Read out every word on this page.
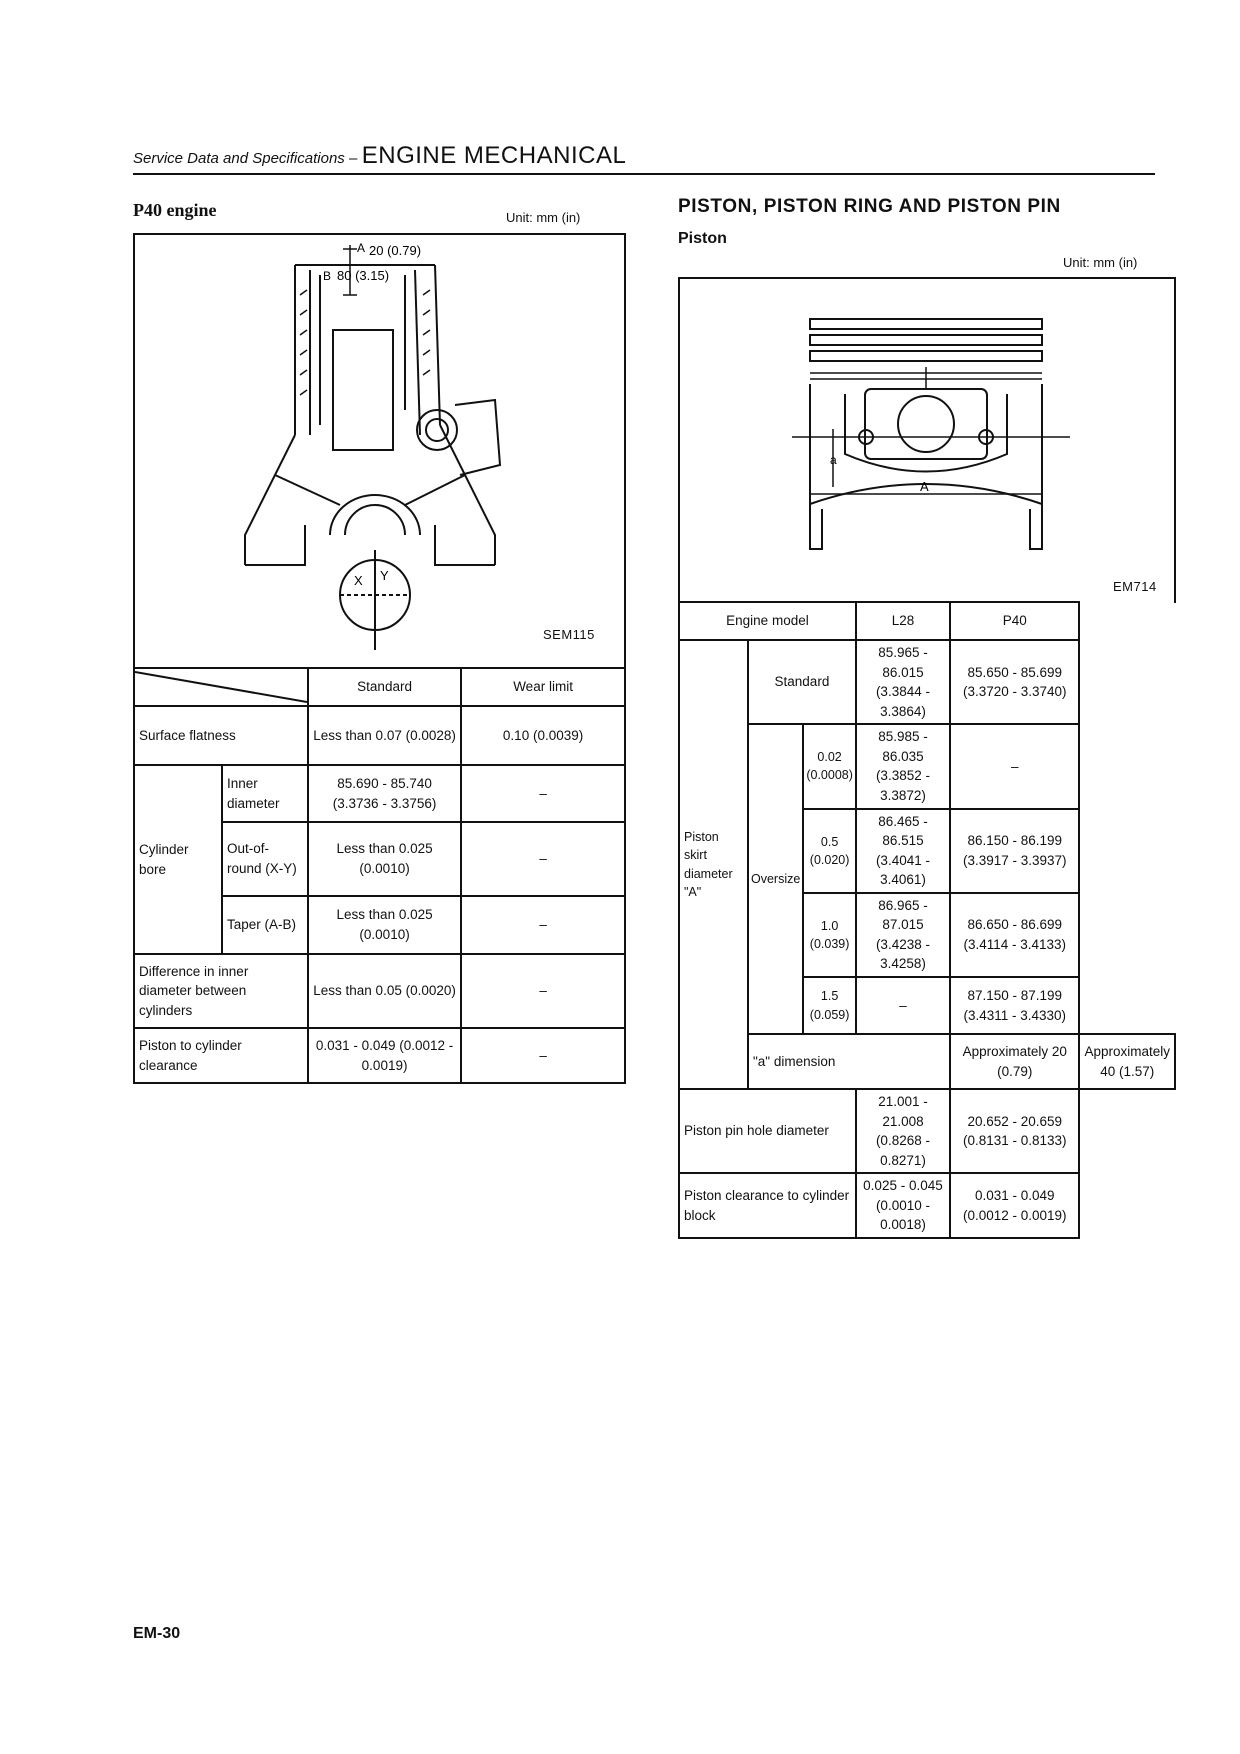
Service Data and Specifications – ENGINE MECHANICAL
P40 engine	Unit: mm (in)
A 20 (0.79)
B 80 (3.15)
X Y
SEM115
	Standard	Wear limit
Surface flatness		Less than 0.07 (0.0028)	0.10 (0.0039)
Cylinder bore	Inner diameter	85.690 - 85.740 (3.3736 - 3.3756)	–
	Out-of-round (X-Y)	Less than 0.025 (0.0010)	–
	Taper (A-B)	Less than 0.025 (0.0010)	–
Difference in inner diameter between cylinders		Less than 0.05 (0.0020)	–
Piston to cylinder clearance		0.031 - 0.049 (0.0012 - 0.0019)	–
PISTON, PISTON RING AND PISTON PIN
Piston
Unit: mm (in)
a
A
EM714
Engine model			L28	P40	
Piston skirt diameter "A"	Standard		85.965 - 86.015 (3.3844 - 3.3864)	85.650 - 85.699 (3.3720 - 3.3740)	
	Oversize	0.02 (0.0008)	85.985 - 86.035 (3.3852 - 3.3872)	–	
		0.5 (0.020)	86.465 - 86.515 (3.4041 - 3.4061)	86.150 - 86.199 (3.3917 - 3.3937)	
		1.0 (0.039)	86.965 - 87.015 (3.4238 - 3.4258)	86.650 - 86.699 (3.4114 - 3.4133)	
		1.5 (0.059)	–	87.150 - 87.199 (3.4311 - 3.4330)	
	"a" dimension			Approximately 20 (0.79)	Approximately 40 (1.57)
Piston pin hole diameter			21.001 - 21.008 (0.8268 - 0.8271)	20.652 - 20.659 (0.8131 - 0.8133)	
Piston clearance to cylinder block			0.025 - 0.045 (0.0010 - 0.0018)	0.031 - 0.049 (0.0012 - 0.0019)	
EM-30
